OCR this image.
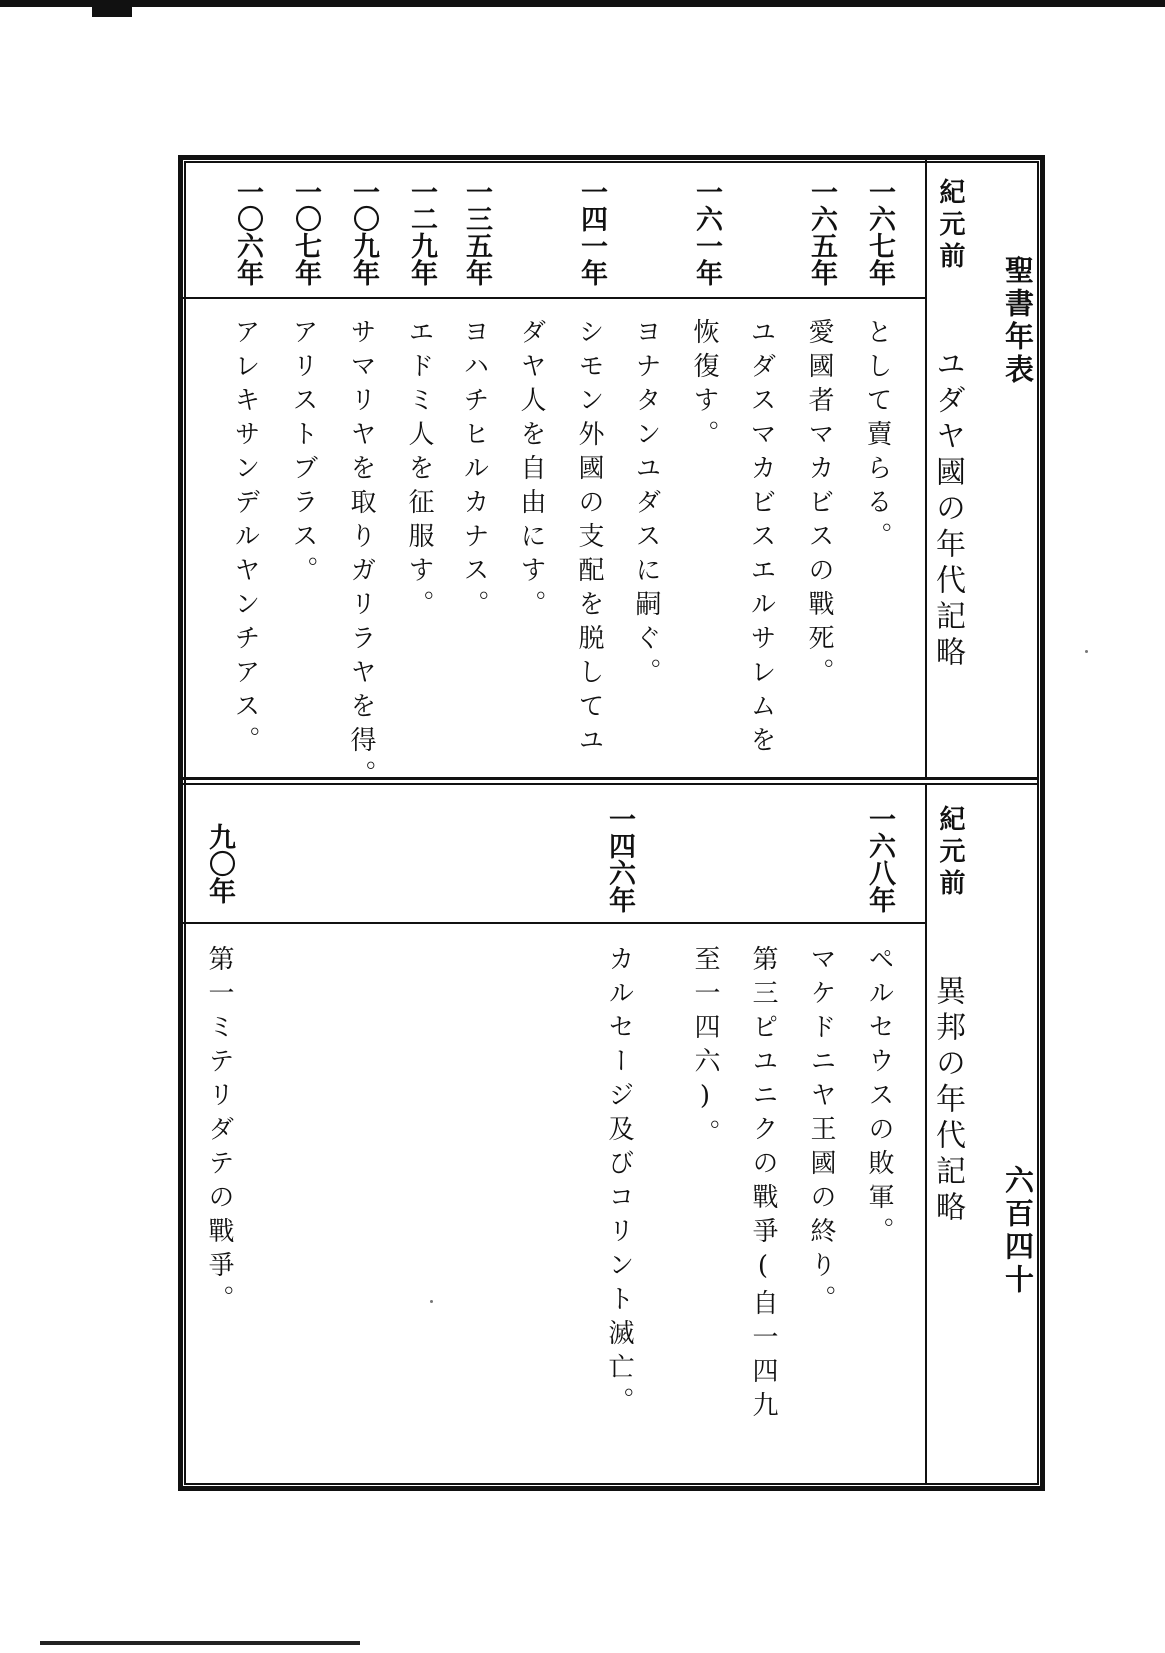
聖書年表
六百四十
紀元前
ユダヤ國の年代記略
一六七年
一六五年
一六一年
一四一年
一三五年
一二九年
一〇九年
一〇七年
一〇六年
として賣らる。
愛國者マカビスの戰死。
ユダスマカビスエルサレムを
恢復す。
ヨナタンユダスに嗣ぐ。
シモン外國の支配を脱してユ
ダヤ人を自由にす。
ヨハチヒルカナス。
エドミ人を征服す。
サマリヤを取りガリラヤを得。
アリストブラス。
アレキサンデルヤンチアス。
紀元前
異邦の年代記略
一六八年
一四六年
九〇年
ペルセウスの敗軍。
マケドニヤ王國の終り。
第三ピユニクの戰爭(自一四九
至一四六)。
カルセージ及びコリント滅亡。
第一ミテリダテの戰爭。
